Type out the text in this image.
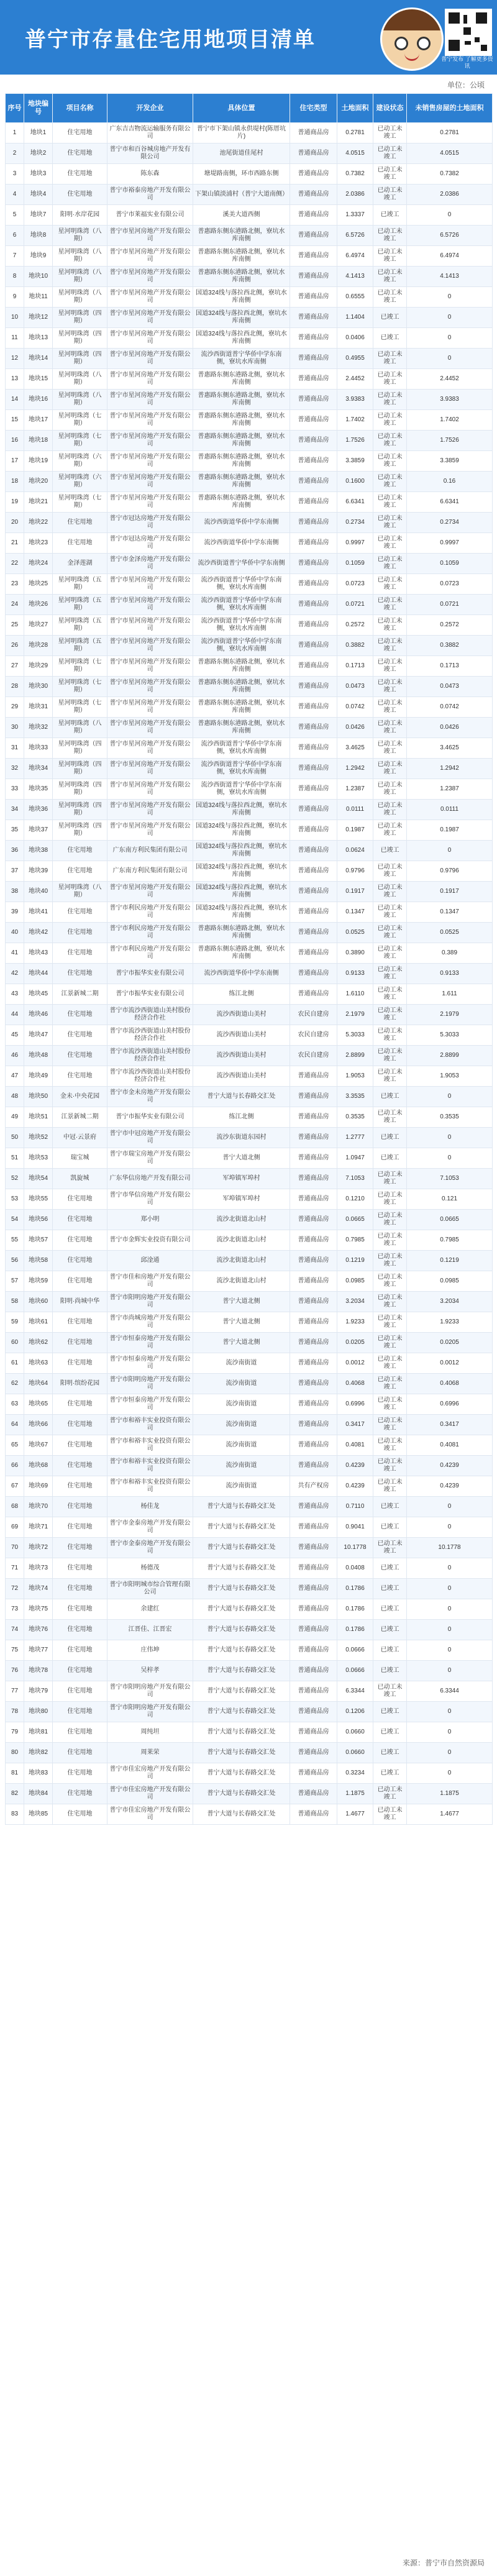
普宁市存量住宅用地项目清单
普宁发布 了解更多资讯
单位：公顷
序号	地块编号	项目名称	开发企业	具体位置	住宅类型	土地面积	建设状态	未销售房屋的土地面积
1	地块1	住宅用地	广东吉吉物流运输服务有限公司	普宁市下架山镇永供堤村(陈厝坑片)	普通商品房	0.2781	已动工未竣工	0.2781
2	地块2	住宅用地	普宁市和百谷城房地产开发有限公司	池尾街道佳尾村	普通商品房	4.0515	已动工未竣工	4.0515
3	地块3	住宅用地	陈东森	塘堤路南侧，环市西路东侧	普通商品房	0.7382	已动工未竣工	0.7382
4	地块4	住宅用地	普宁市裕泰房地产开发有限公司	下架山镇淡浦村（普宁大道南侧）	普通商品房	2.0386	已动工未竣工	2.0386
5	地块7	阳明·水岸花园	普宁市莱福实业有限公司	溪美大道西侧	普通商品房	1.3337	已竣工	0
6	地块8	星河明珠湾（八期）	普宁市星河房地产开发有限公司	普惠路东侧东港路北侧，寮坑水库南侧	普通商品房	6.5726	已动工未竣工	6.5726
7	地块9	星河明珠湾（八期）	普宁市星河房地产开发有限公司	普惠路东侧东港路北侧，寮坑水库南侧	普通商品房	6.4974	已动工未竣工	6.4974
8	地块10	星河明珠湾（八期）	普宁市星河房地产开发有限公司	普惠路东侧东港路北侧，寮坑水库南侧	普通商品房	4.1413	已动工未竣工	4.1413
9	地块11	星河明珠湾（八期）	普宁市星河房地产开发有限公司	国道324线与落拉西北侧，寮坑水库南侧	普通商品房	0.6555	已动工未竣工	0
10	地块12	星河明珠湾（四期）	普宁市星河房地产开发有限公司	国道324线与落拉西北侧，寮坑水库南侧	普通商品房	1.1404	已竣工	0
11	地块13	星河明珠湾（四期）	普宁市星河房地产开发有限公司	国道324线与落拉西北侧，寮坑水库南侧	普通商品房	0.0406	已竣工	0
12	地块14	星河明珠湾（四期）	普宁市星河房地产开发有限公司	流沙西街道普宁华侨中学东南侧，寮坑水库南侧	普通商品房	0.4955	已动工未竣工	0
13	地块15	星河明珠湾（八期）	普宁市星河房地产开发有限公司	普惠路东侧东港路北侧，寮坑水库南侧	普通商品房	2.4452	已动工未竣工	2.4452
14	地块16	星河明珠湾（八期）	普宁市星河房地产开发有限公司	普惠路东侧东港路北侧，寮坑水库南侧	普通商品房	3.9383	已动工未竣工	3.9383
15	地块17	星河明珠湾（七期）	普宁市星河房地产开发有限公司	普惠路东侧东港路北侧，寮坑水库南侧	普通商品房	1.7402	已动工未竣工	1.7402
16	地块18	星河明珠湾（七期）	普宁市星河房地产开发有限公司	普惠路东侧东港路北侧，寮坑水库南侧	普通商品房	1.7526	已动工未竣工	1.7526
17	地块19	星河明珠湾（六期）	普宁市星河房地产开发有限公司	普惠路东侧东港路北侧，寮坑水库南侧	普通商品房	3.3859	已动工未竣工	3.3859
18	地块20	星河明珠湾（六期）	普宁市星河房地产开发有限公司	普惠路东侧东港路北侧，寮坑水库南侧	普通商品房	0.1600	已动工未竣工	0.16
19	地块21	星河明珠湾（七期）	普宁市星河房地产开发有限公司	普惠路东侧东港路北侧，寮坑水库南侧	普通商品房	6.6341	已动工未竣工	6.6341
20	地块22	住宅用地	普宁市冠达房地产开发有限公司	流沙西街道华侨中学东南侧	普通商品房	0.2734	已动工未竣工	0.2734
21	地块23	住宅用地	普宁市冠达房地产开发有限公司	流沙西街道华侨中学东南侧	普通商品房	0.9997	已动工未竣工	0.9997
22	地块24	金泽莲湖	普宁市金泽房地产开发有限公司	流沙西街道普宁华侨中学东南侧	普通商品房	0.1059	已动工未竣工	0.1059
23	地块25	星河明珠湾（五期）	普宁市星河房地产开发有限公司	流沙西街道普宁华侨中学东南侧，寮坑水库南侧	普通商品房	0.0723	已动工未竣工	0.0723
24	地块26	星河明珠湾（五期）	普宁市星河房地产开发有限公司	流沙西街道普宁华侨中学东南侧，寮坑水库南侧	普通商品房	0.0721	已动工未竣工	0.0721
25	地块27	星河明珠湾（五期）	普宁市星河房地产开发有限公司	流沙西街道普宁华侨中学东南侧，寮坑水库南侧	普通商品房	0.2572	已动工未竣工	0.2572
26	地块28	星河明珠湾（五期）	普宁市星河房地产开发有限公司	流沙西街道普宁华侨中学东南侧，寮坑水库南侧	普通商品房	0.3882	已动工未竣工	0.3882
27	地块29	星河明珠湾（七期）	普宁市星河房地产开发有限公司	普惠路东侧东港路北侧，寮坑水库南侧	普通商品房	0.1713	已动工未竣工	0.1713
28	地块30	星河明珠湾（七期）	普宁市星河房地产开发有限公司	普惠路东侧东港路北侧，寮坑水库南侧	普通商品房	0.0473	已动工未竣工	0.0473
29	地块31	星河明珠湾（七期）	普宁市星河房地产开发有限公司	普惠路东侧东港路北侧，寮坑水库南侧	普通商品房	0.0742	已动工未竣工	0.0742
30	地块32	星河明珠湾（八期）	普宁市星河房地产开发有限公司	普惠路东侧东港路北侧，寮坑水库南侧	普通商品房	0.0426	已动工未竣工	0.0426
31	地块33	星河明珠湾（四期）	普宁市星河房地产开发有限公司	流沙西街道普宁华侨中学东南侧，寮坑水库南侧	普通商品房	3.4625	已动工未竣工	3.4625
32	地块34	星河明珠湾（四期）	普宁市星河房地产开发有限公司	流沙西街道普宁华侨中学东南侧，寮坑水库南侧	普通商品房	1.2942	已动工未竣工	1.2942
33	地块35	星河明珠湾（四期）	普宁市星河房地产开发有限公司	流沙西街道普宁华侨中学东南侧，寮坑水库南侧	普通商品房	1.2387	已动工未竣工	1.2387
34	地块36	星河明珠湾（四期）	普宁市星河房地产开发有限公司	国道324线与落拉西北侧，寮坑水库南侧	普通商品房	0.0111	已动工未竣工	0.0111
35	地块37	星河明珠湾（四期）	普宁市星河房地产开发有限公司	国道324线与落拉西北侧，寮坑水库南侧	普通商品房	0.1987	已动工未竣工	0.1987
36	地块38	住宅用地	广东南方利民集团有限公司	国道324线与落拉西北侧，寮坑水库南侧	普通商品房	0.0624	已竣工	0
37	地块39	住宅用地	广东南方利民集团有限公司	国道324线与落拉西北侧，寮坑水库南侧	普通商品房	0.9796	已动工未竣工	0.9796
38	地块40	星河明珠湾（八期）	普宁市星河房地产开发有限公司	国道324线与落拉西北侧，寮坑水库南侧	普通商品房	0.1917	已动工未竣工	0.1917
39	地块41	住宅用地	普宁市利民房地产开发有限公司	国道324线与落拉西北侧，寮坑水库南侧	普通商品房	0.1347	已动工未竣工	0.1347
40	地块42	住宅用地	普宁市利民房地产开发有限公司	普惠路东侧东港路北侧，寮坑水库南侧	普通商品房	0.0525	已动工未竣工	0.0525
41	地块43	住宅用地	普宁市利民房地产开发有限公司	普惠路东侧东港路北侧，寮坑水库南侧	普通商品房	0.3890	已动工未竣工	0.389
42	地块44	住宅用地	普宁市振华实业有限公司	流沙西街道华侨中学东南侧	普通商品房	0.9133	已动工未竣工	0.9133
43	地块45	江景新城二期	普宁市振华实业有限公司	练江北侧	普通商品房	1.6110	已动工未竣工	1.611
44	地块46	住宅用地	普宁市流沙西街道山美村股份经济合作社	流沙西街道山美村	农民自建房	2.1979	已动工未竣工	2.1979
45	地块47	住宅用地	普宁市流沙西街道山美村股份经济合作社	流沙西街道山美村	农民自建房	5.3033	已动工未竣工	5.3033
46	地块48	住宅用地	普宁市流沙西街道山美村股份经济合作社	流沙西街道山美村	农民自建房	2.8899	已动工未竣工	2.8899
47	地块49	住宅用地	普宁市流沙西街道山美村股份经济合作社	流沙西街道山美村	普通商品房	1.9053	已动工未竣工	1.9053
48	地块50	金未·中央花园	普宁市金未房地产开发有限公司	普宁大道与长春路交汇处	普通商品房	3.3535	已竣工	0
49	地块51	江景新城二期	普宁市振华实业有限公司	练江北侧	普通商品房	0.3535	已动工未竣工	0.3535
50	地块52	中冠·云景府	普宁市中冠房地产开发有限公司	流沙东街道东园村	普通商品房	1.2777	已竣工	0
51	地块53	瑞宝城	普宁市瑞宝房地产开发有限公司	普宁大道北侧	普通商品房	1.0947	已竣工	0
52	地块54	凯旋城	广东华信房地产开发有限公司	军埠镇军埠村	普通商品房	7.1053	已动工未竣工	7.1053
53	地块55	住宅用地	普宁市华信房地产开发有限公司	军埠镇军埠村	普通商品房	0.1210	已动工未竣工	0.121
54	地块56	住宅用地	郑小明	流沙北街道北山村	普通商品房	0.0665	已动工未竣工	0.0665
55	地块57	住宅用地	普宁市金辉实业投资有限公司	流沙北街道北山村	普通商品房	0.7985	已动工未竣工	0.7985
56	地块58	住宅用地	邱淦通	流沙北街道北山村	普通商品房	0.1219	已动工未竣工	0.1219
57	地块59	住宅用地	普宁市佳和房地产开发有限公司	流沙北街道北山村	普通商品房	0.0985	已动工未竣工	0.0985
58	地块60	阳明·尚城中华	普宁市阳明房地产开发有限公司	普宁大道北侧	普通商品房	3.2034	已动工未竣工	3.2034
59	地块61	住宅用地	普宁市尚城房地产开发有限公司	普宁大道北侧	普通商品房	1.9233	已动工未竣工	1.9233
60	地块62	住宅用地	普宁市恒泰房地产开发有限公司	普宁大道北侧	普通商品房	0.0205	已动工未竣工	0.0205
61	地块63	住宅用地	普宁市恒泰房地产开发有限公司	流沙南街道	普通商品房	0.0012	已动工未竣工	0.0012
62	地块64	阳明·缤纷花园	普宁市阳明房地产开发有限公司	流沙南街道	普通商品房	0.4068	已动工未竣工	0.4068
63	地块65	住宅用地	普宁市恒泰房地产开发有限公司	流沙南街道	普通商品房	0.6996	已动工未竣工	0.6996
64	地块66	住宅用地	普宁市和裕丰实业投资有限公司	流沙南街道	普通商品房	0.3417	已动工未竣工	0.3417
65	地块67	住宅用地	普宁市和裕丰实业投资有限公司	流沙南街道	普通商品房	0.4081	已动工未竣工	0.4081
66	地块68	住宅用地	普宁市和裕丰实业投资有限公司	流沙南街道	普通商品房	0.4239	已动工未竣工	0.4239
67	地块69	住宅用地	普宁市和裕丰实业投资有限公司	流沙南街道	共有产权房	0.4239	已动工未竣工	0.4239
68	地块70	住宅用地	杨佳龙	普宁大道与长春路交汇处	普通商品房	0.7110	已竣工	0
69	地块71	住宅用地	普宁市金泰房地产开发有限公司	普宁大道与长春路交汇处	普通商品房	0.9041	已竣工	0
70	地块72	住宅用地	普宁市金泰房地产开发有限公司	普宁大道与长春路交汇处	普通商品房	10.1778	已动工未竣工	10.1778
71	地块73	住宅用地	杨德茂	普宁大道与长春路交汇处	普通商品房	0.0408	已竣工	0
72	地块74	住宅用地	普宁市阳明城市综合管理有限公司	普宁大道与长春路交汇处	普通商品房	0.1786	已竣工	0
73	地块75	住宅用地	余建红	普宁大道与长春路交汇处	普通商品房	0.1786	已竣工	0
74	地块76	住宅用地	江晋佳、江晋宏	普宁大道与长春路交汇处	普通商品房	0.1786	已竣工	0
75	地块77	住宅用地	庄伟坤	普宁大道与长春路交汇处	普通商品房	0.0666	已竣工	0
76	地块78	住宅用地	吴梓孝	普宁大道与长春路交汇处	普通商品房	0.0666	已竣工	0
77	地块79	住宅用地	普宁市阳明房地产开发有限公司	普宁大道与长春路交汇处	普通商品房	6.3344	已动工未竣工	6.3344
78	地块80	住宅用地	普宁市阳明房地产开发有限公司	普宁大道与长春路交汇处	普通商品房	0.1206	已竣工	0
79	地块81	住宅用地	周纯坦	普宁大道与长春路交汇处	普通商品房	0.0660	已竣工	0
80	地块82	住宅用地	周莱荣	普宁大道与长春路交汇处	普通商品房	0.0660	已竣工	0
81	地块83	住宅用地	普宁市佳宏房地产开发有限公司	普宁大道与长春路交汇处	普通商品房	0.3234	已竣工	0
82	地块84	住宅用地	普宁市佳宏房地产开发有限公司	普宁大道与长春路交汇处	普通商品房	1.1875	已动工未竣工	1.1875
83	地块85	住宅用地	普宁市佳宏房地产开发有限公司	普宁大道与长春路交汇处	普通商品房	1.4677	已动工未竣工	1.4677
来源：普宁市自然资源局
